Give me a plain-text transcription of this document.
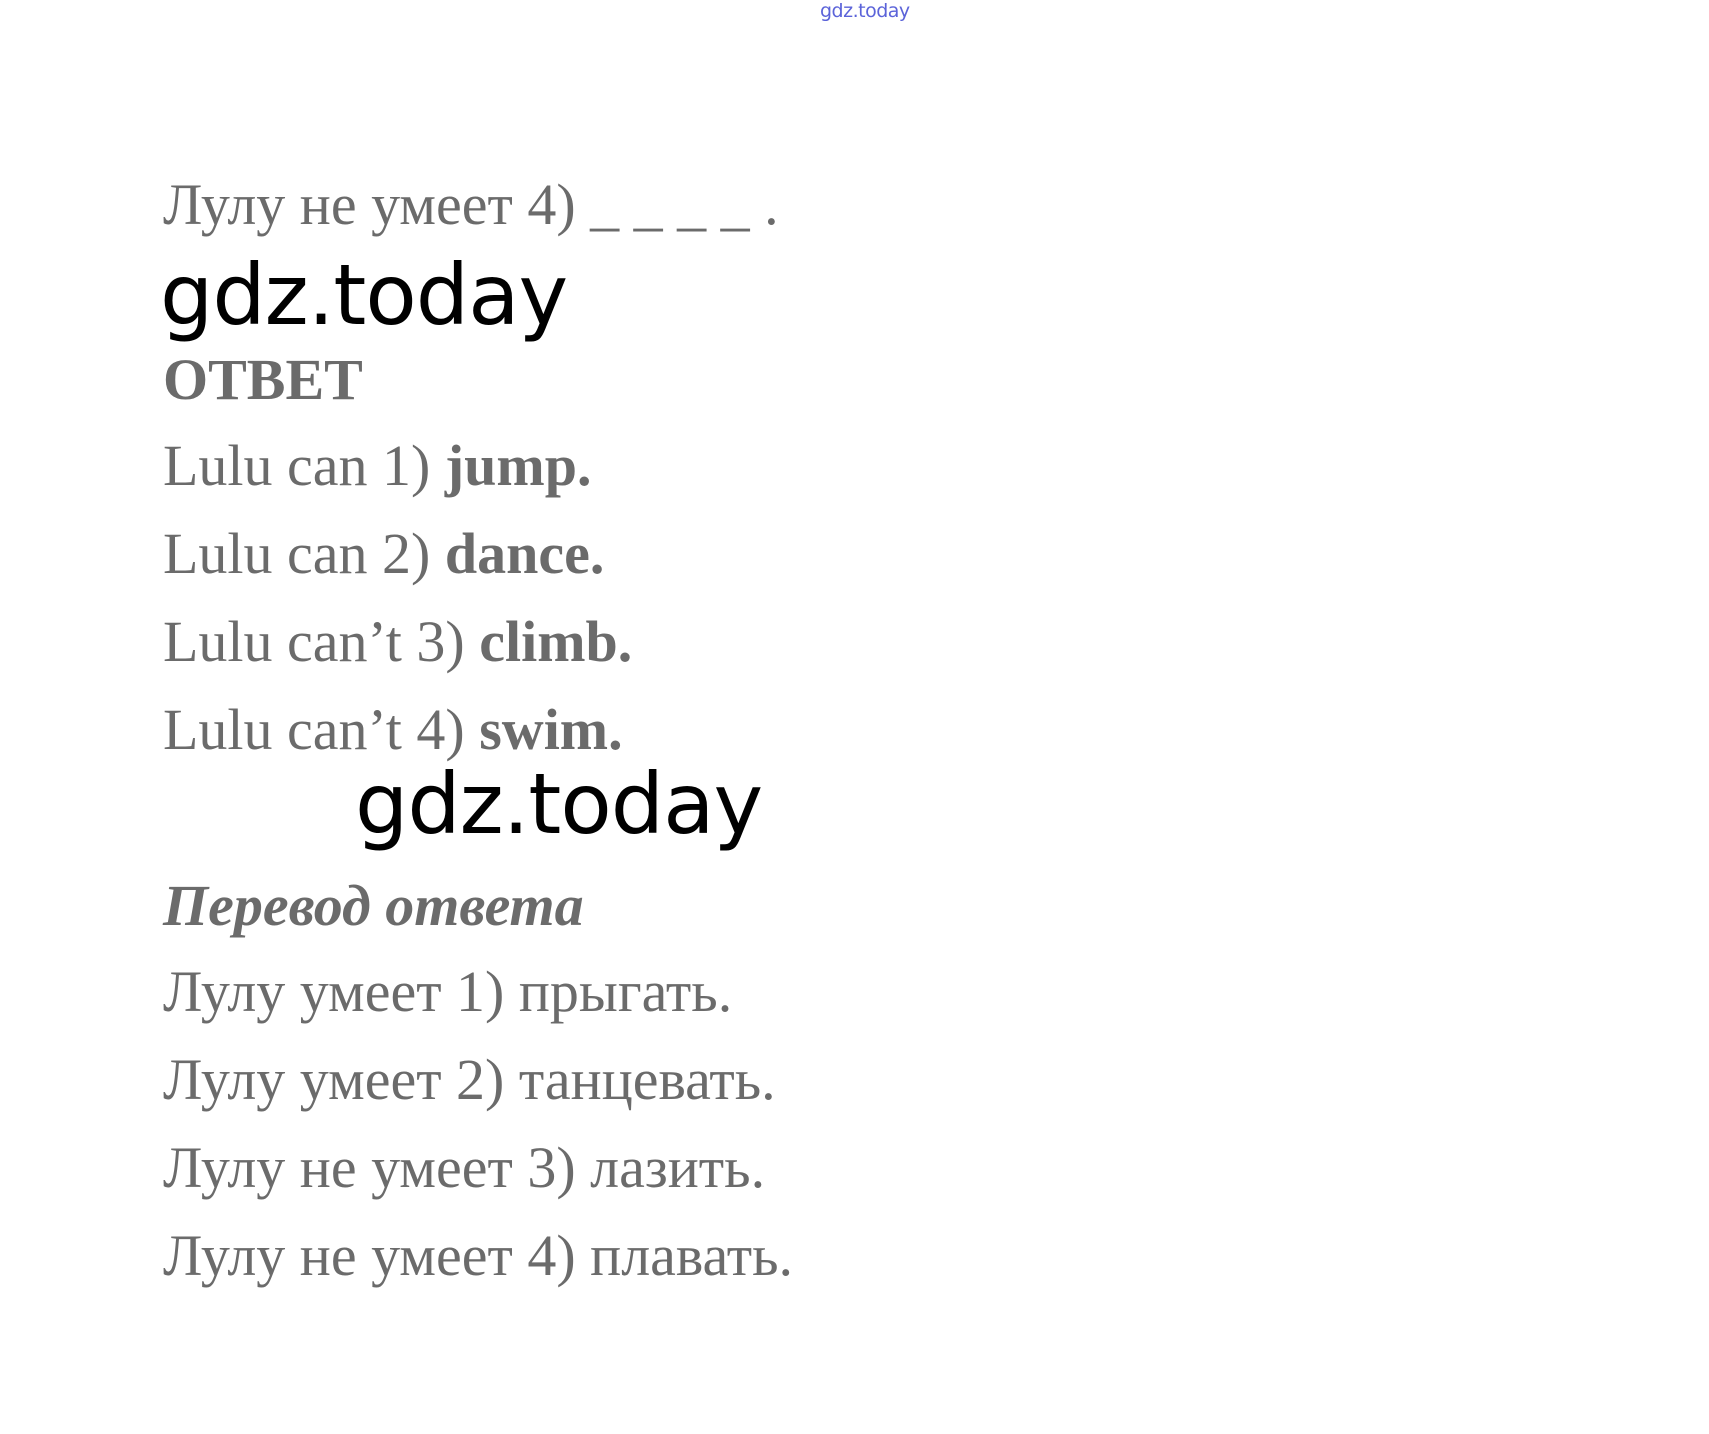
gdz.today
Лулу не умеет 4) _ _ _ _ .
gdz.today
ОТВЕТ
Lulu can 1) jump.
Lulu can 2) dance.
Lulu can’t 3) climb.
Lulu can’t 4) swim.
gdz.today
Перевод ответа
Лулу умеет 1) прыгать.
Лулу умеет 2) танцевать.
Лулу не умеет 3) лазить.
Лулу не умеет 4) плавать.
